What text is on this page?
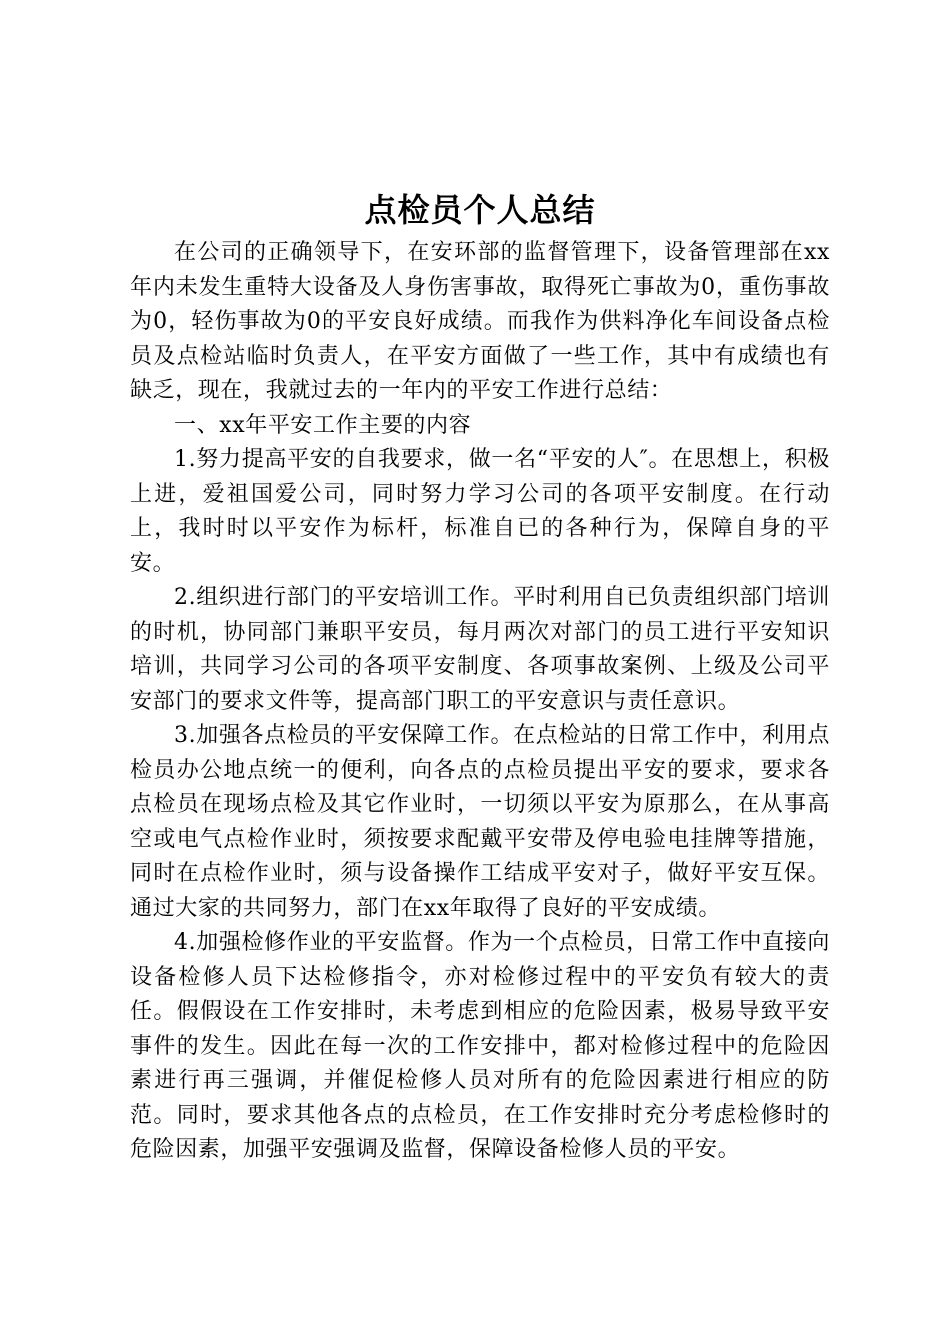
点检员个人总结

在公司的正确领导下，在安环部的监督管理下，设备管理部在xx年内未发生重特大设备及人身伤害事故，取得死亡事故为0，重伤事故为0，轻伤事故为0的平安良好成绩。而我作为供料净化车间设备点检员及点检站临时负责人，在平安方面做了一些工作，其中有成绩也有缺乏，现在，我就过去的一年内的平安工作进行总结：

一、xx年平安工作主要的内容

1.努力提高平安的自我要求，做一名“平安的人″。在思想上，积极上进，爱祖国爱公司，同时努力学习公司的各项平安制度。在行动上，我时时以平安作为标杆，标准自已的各种行为，保障自身的平安。

2.组织进行部门的平安培训工作。平时利用自已负责组织部门培训的时机，协同部门兼职平安员，每月两次对部门的员工进行平安知识培训，共同学习公司的各项平安制度、各项事故案例、上级及公司平安部门的要求文件等，提高部门职工的平安意识与责任意识。

3.加强各点检员的平安保障工作。在点检站的日常工作中，利用点检员办公地点统一的便利，向各点的点检员提出平安的要求，要求各点检员在现场点检及其它作业时，一切须以平安为原那么，在从事高空或电气点检作业时，须按要求配戴平安带及停电验电挂牌等措施，同时在点检作业时，须与设备操作工结成平安对子，做好平安互保。通过大家的共同努力，部门在xx年取得了良好的平安成绩。

4.加强检修作业的平安监督。作为一个点检员，日常工作中直接向设备检修人员下达检修指令，亦对检修过程中的平安负有较大的责任。假假设在工作安排时，未考虑到相应的危险因素，极易导致平安事件的发生。因此在每一次的工作安排中，都对检修过程中的危险因素进行再三强调，并催促检修人员对所有的危险因素进行相应的防范。同时，要求其他各点的点检员，在工作安排时充分考虑检修时的危险因素，加强平安强调及监督，保障设备检修人员的平安。
